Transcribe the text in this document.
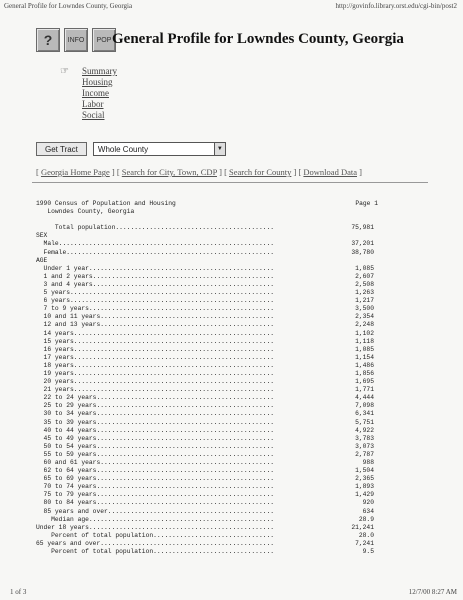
General Profile for Lowndes County, Georgia	http://govinfo.library.orst.edu/cgi-bin/post2
?	INFO	POP General Profile for Lowndes County, Georgia
☞ Summary
Housing
Income
Labor
Social
Get Tract	Whole County	▼
[ Georgia Home Page ] [ Search for City, Town, CDP ] [ Search for County ] [ Download Data ]
1990 Census of Population and Housing	Page 1

Lowndes County, Georgia

Total population..........................................	75,981
SEX
Male.........................................................	37,201
Female.......................................................	38,780
AGE
Under 1 year.................................................	1,085
1 and 2 years................................................	2,607
3 and 4 years................................................	2,508
5 years......................................................	1,263
6 years......................................................	1,217
7 to 9 years.................................................	3,500
10 and 11 years..............................................	2,354
12 and 13 years..............................................	2,248
14 years.....................................................	1,102
15 years.....................................................	1,118
16 years.....................................................	1,085
17 years.....................................................	1,154
18 years.....................................................	1,486
19 years.....................................................	1,856
20 years.....................................................	1,695
21 years.....................................................	1,771
22 to 24 years...............................................	4,444
25 to 29 years...............................................	7,098
30 to 34 years...............................................	6,341
35 to 39 years...............................................	5,751
40 to 44 years...............................................	4,922
45 to 49 years...............................................	3,783
50 to 54 years...............................................	3,073
55 to 59 years...............................................	2,787
60 and 61 years..............................................	988
62 to 64 years...............................................	1,504
65 to 69 years...............................................	2,365
70 to 74 years...............................................	1,893
75 to 79 years...............................................	1,429
80 to 84 years...............................................	920
85 years and over............................................	634
Median age.................................................	28.9
Under 18 years.................................................	21,241
Percent of total population................................	28.0
65 years and over..............................................	7,241
Percent of total population................................	9.5
1 of 3	12/7/00 8:27 AM
